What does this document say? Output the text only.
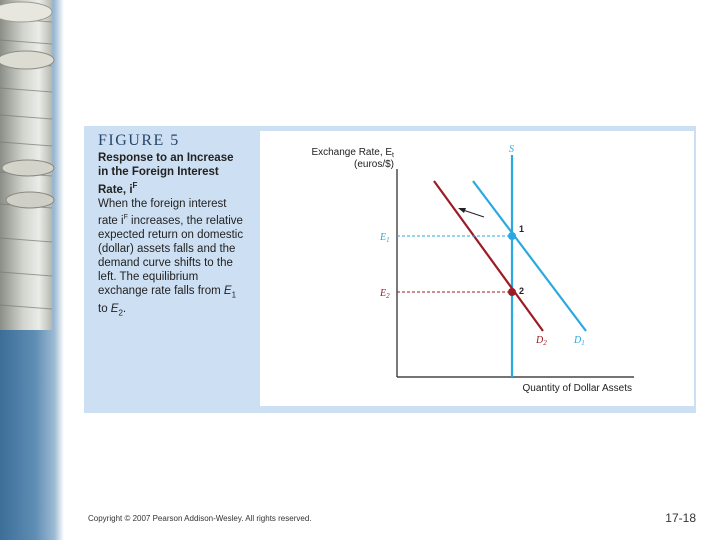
FIGURE 5
Response to an Increase
in the Foreign Interest
Rate, $i^F$
When the foreign interest
rate $i^F$ increases, the relative
expected return on domestic
(dollar) assets falls and the
demand curve shifts to the
left. The equilibrium
exchange rate falls from $E_1$
to $E_2$.
Exchange Rate, $E_t$
(euros/$)
Quantity of Dollar Assets
S
$D_1$
$D_2$
1
$E_1$
2
$E_2$
Copyright © 2007 Pearson Addison-Wesley. All rights reserved.	17-18
